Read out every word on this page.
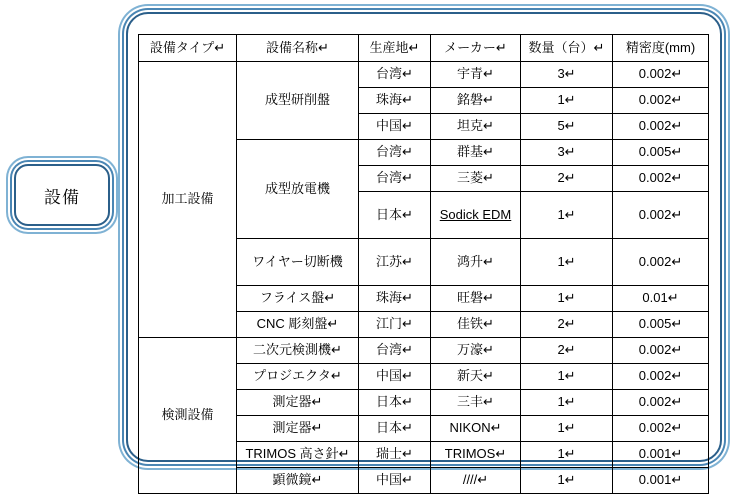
設備
設備タイプ↵	設備名称↵	生産地↵	メーカー↵	数量（台）↵	精密度(mm)
加工設備	成型研削盤	台湾↵	宇青↵	3↵	0.002↵
		珠海↵	銘磐↵	1↵	0.002↵
		中国↵	坦克↵	5↵	0.002↵
	成型放電機	台湾↵	群基↵	3↵	0.005↵
		台湾↵	三菱↵	2↵	0.002↵
		日本↵	Sodick EDM	1↵	0.002↵
	ワイヤー切断機	江苏↵	鸿升↵	1↵	0.002↵
	フライス盤↵	珠海↵	旺磐↵	1↵	0.01↵
	CNC 彫刻盤↵	江门↵	佳铁↵	2↵	0.005↵
検測設備	二次元検測機↵	台湾↵	万濠↵	2↵	0.002↵
	プロジエクタ↵	中国↵	新天↵	1↵	0.002↵
	測定器↵	日本↵	三丰↵	1↵	0.002↵
	測定器↵	日本↵	NIKON↵	1↵	0.002↵
	TRIMOS 高さ針↵	瑞士↵	TRIMOS↵	1↵	0.001↵
	顕微鏡↵	中国↵	////↵	1↵	0.001↵
